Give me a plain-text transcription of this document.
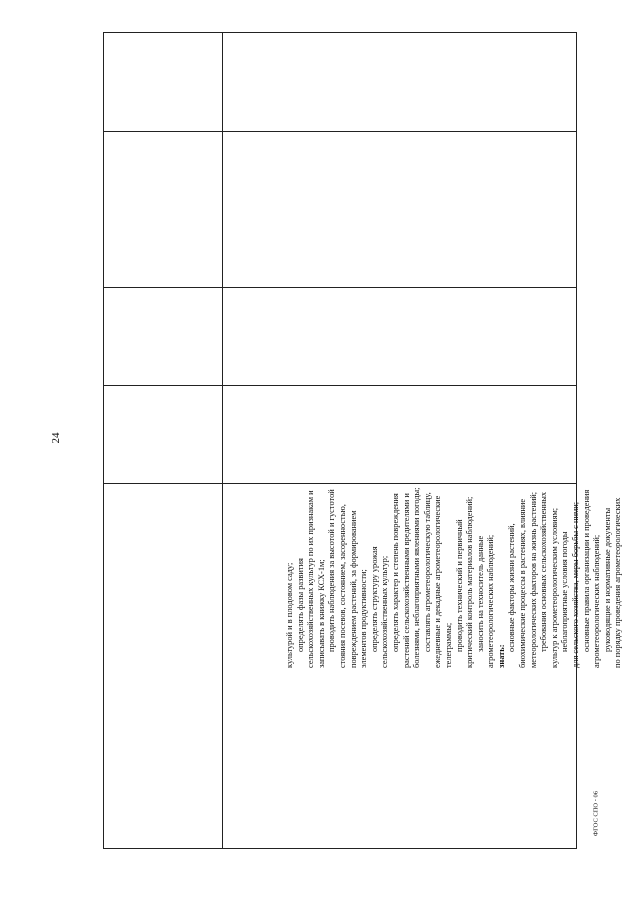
24

культурой и в плодовом саду; определять фазы развития сельскохозяйственных культур по их признакам и записывать в книжку КСХ-1м; проводить наблюдения за высотой и густотой стояния посевов, состоянием, засоренностью, повреждением растений, за формированием элементов продуктивности; определять структуру урожая сельскохозяйственных культур; определять характер и степень повреждения растений сельскохозяйственными вредителями и болезнями, неблагоприятными явлениями погоды; составлять агрометеорологическую таблицу, ежедневные и декадные агрометеорологические телеграммы; проводить технический и первичный критический контроль материалов наблюдений; заносить на техноситель данные агрометеорологических наблюдений; знать:

основные факторы жизни растений, биохимические процессы в растениях, влияние метеорологических факторов на жизнь растений; требования основных сельскохозяйственных культур к агрометеорологическим условиям; неблагоприятные условия погоды для сельского хозяйства, меры борьбы с ними; основные правила организации и проведения агрометеорологических наблюдений; руководящие и нормативные документы по порядку проведения агрометеорологических

ФГОС СПО - 06
